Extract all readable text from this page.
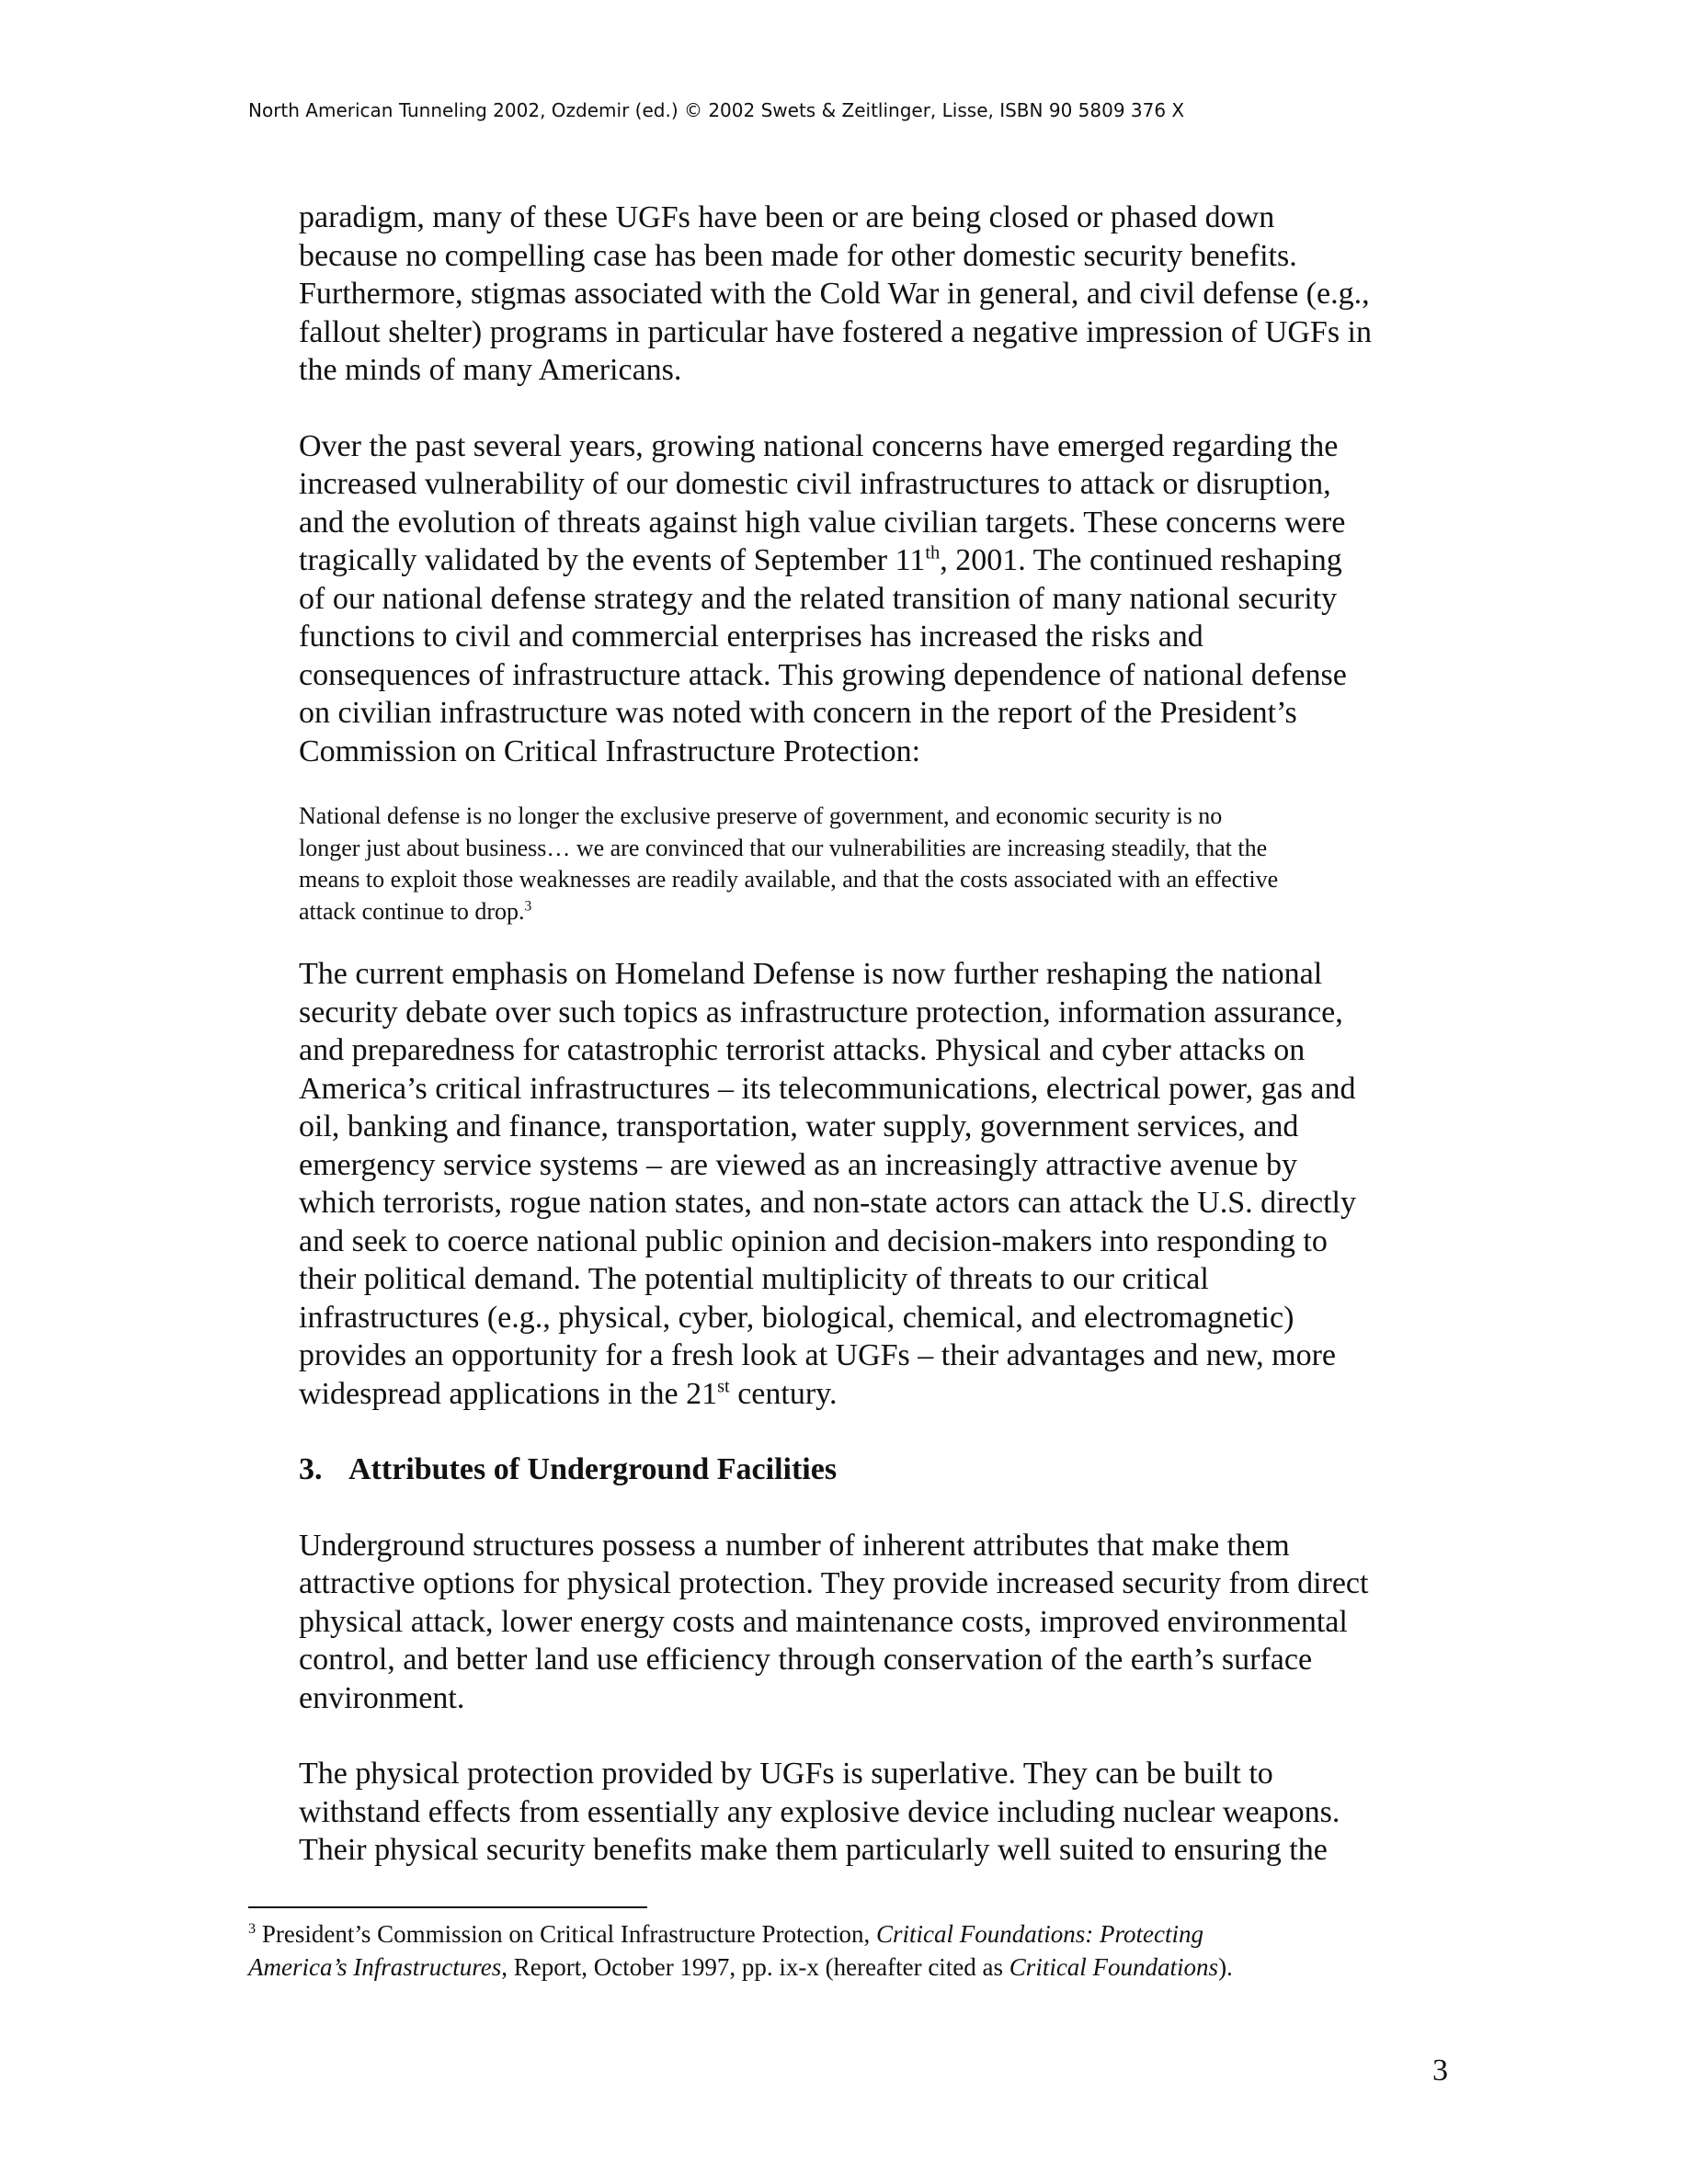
North American Tunneling 2002, Ozdemir (ed.) © 2002 Swets & Zeitlinger, Lisse, ISBN 90 5809 376 X

paradigm, many of these UGFs have been or are being closed or phased down
because no compelling case has been made for other domestic security benefits.
Furthermore, stigmas associated with the Cold War in general, and civil defense (e.g.,
fallout shelter) programs in particular have fostered a negative impression of UGFs in
the minds of many Americans.

Over the past several years, growing national concerns have emerged regarding the
increased vulnerability of our domestic civil infrastructures to attack or disruption,
and the evolution of threats against high value civilian targets. These concerns were
tragically validated by the events of September 11th, 2001. The continued reshaping
of our national defense strategy and the related transition of many national security
functions to civil and commercial enterprises has increased the risks and
consequences of infrastructure attack. This growing dependence of national defense
on civilian infrastructure was noted with concern in the report of the President’s
Commission on Critical Infrastructure Protection:

National defense is no longer the exclusive preserve of government, and economic security is no
longer just about business… we are convinced that our vulnerabilities are increasing steadily, that the
means to exploit those weaknesses are readily available, and that the costs associated with an effective
attack continue to drop.$^3$

The current emphasis on Homeland Defense is now further reshaping the national
security debate over such topics as infrastructure protection, information assurance,
and preparedness for catastrophic terrorist attacks. Physical and cyber attacks on
America’s critical infrastructures – its telecommunications, electrical power, gas and
oil, banking and finance, transportation, water supply, government services, and
emergency service systems – are viewed as an increasingly attractive avenue by
which terrorists, rogue nation states, and non-state actors can attack the U.S. directly
and seek to coerce national public opinion and decision-makers into responding to
their political demand. The potential multiplicity of threats to our critical
infrastructures (e.g., physical, cyber, biological, chemical, and electromagnetic)
provides an opportunity for a fresh look at UGFs – their advantages and new, more
widespread applications in the 21st century.

3. Attributes of Underground Facilities

Underground structures possess a number of inherent attributes that make them
attractive options for physical protection. They provide increased security from direct
physical attack, lower energy costs and maintenance costs, improved environmental
control, and better land use efficiency through conservation of the earth’s surface
environment.

The physical protection provided by UGFs is superlative. They can be built to
withstand effects from essentially any explosive device including nuclear weapons.
Their physical security benefits make them particularly well suited to ensuring the

$^3$ President’s Commission on Critical Infrastructure Protection, Critical Foundations: Protecting
America’s Infrastructures, Report, October 1997, pp. ix-x (hereafter cited as Critical Foundations).
3
